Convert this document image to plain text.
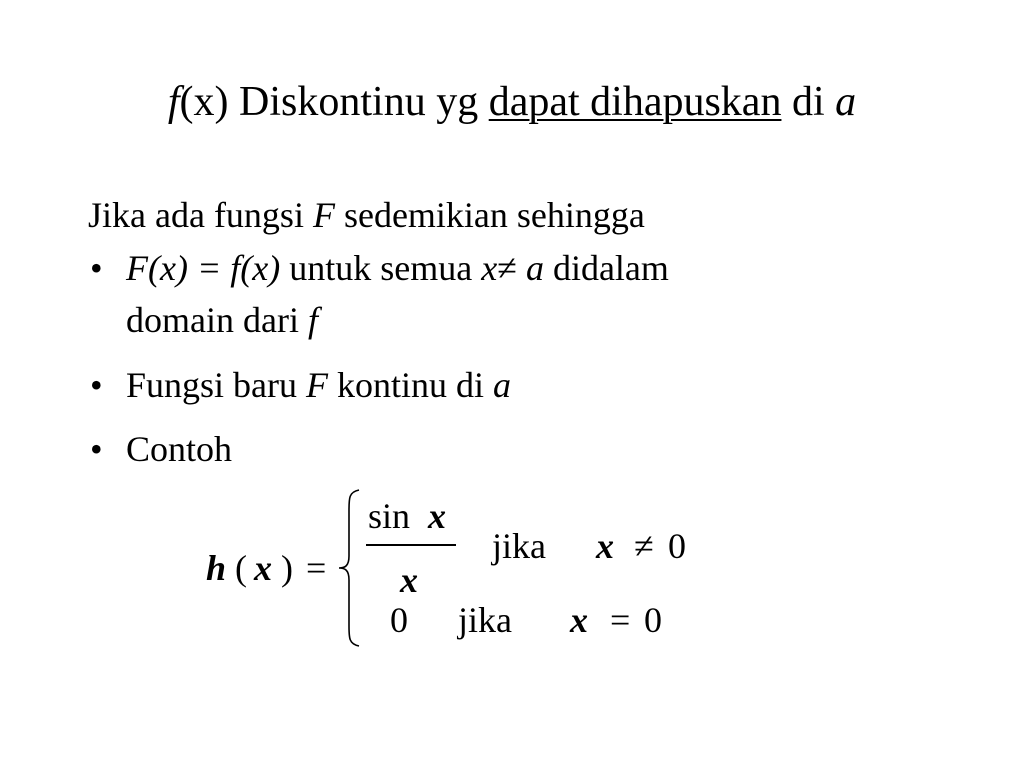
f(x) Diskontinu yg dapat dihapuskan di a
Jika ada fungsi F sedemikian sehingga
• F(x) = f(x) untuk semua x≠ a didalam
domain dari f
• Fungsi baru F kontinu di a
• Contoh
h ( x ) =
sin x
x
jika x ≠ 0
0 jika x = 0
